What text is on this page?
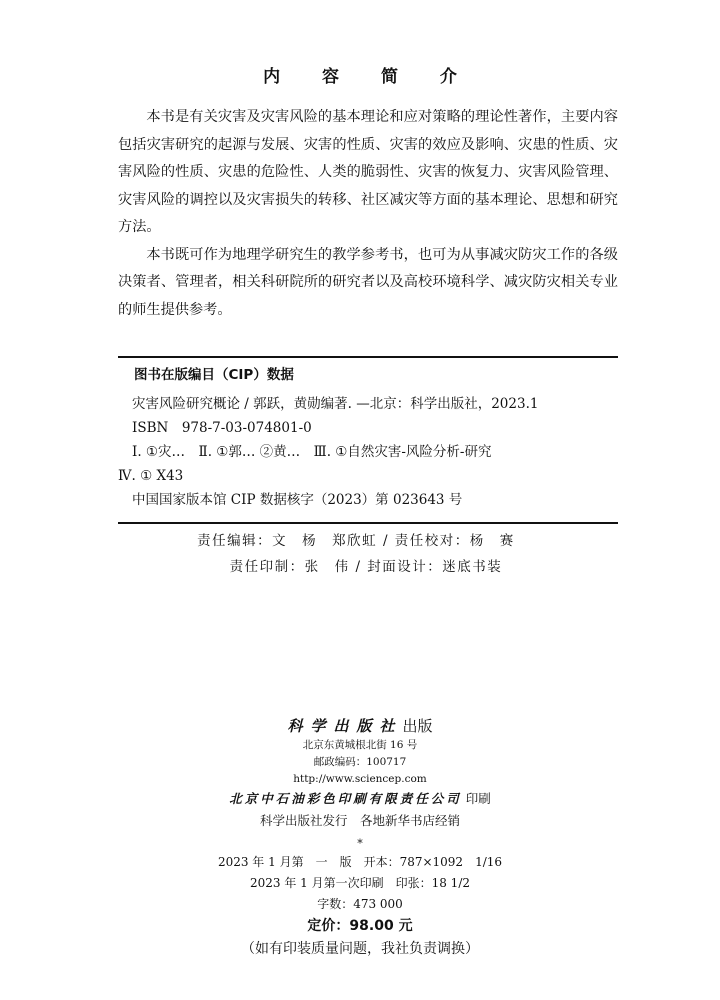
内 容 简 介

本书是有关灾害及灾害风险的基本理论和应对策略的理论性著作，主要内容包括灾害研究的起源与发展、灾害的性质、灾害的效应及影响、灾患的性质、灾害风险的性质、灾患的危险性、人类的脆弱性、灾害的恢复力、灾害风险管理、灾害风险的调控以及灾害损失的转移、社区减灾等方面的基本理论、思想和研究方法。

本书既可作为地理学研究生的教学参考书，也可为从事减灾防灾工作的各级决策者、管理者，相关科研院所的研究者以及高校环境科学、减灾防灾相关专业的师生提供参考。

图书在版编目（CIP）数据
灾害风险研究概论 / 郭跃，黄勋编著. —北京：科学出版社，2023.1
ISBN　978-7-03-074801-0
Ⅰ. ①灾…　Ⅱ. ①郭… ②黄…　Ⅲ. ①自然灾害-风险分析-研究
Ⅳ. ① X43
中国国家版本馆 CIP 数据核字（2023）第 023643 号
责任编辑：文　杨　郑欣虹 / 责任校对：杨　赛
责任印制：张　伟 / 封面设计：迷底书装
科学出版社出版
北京东黄城根北街 16 号
邮政编码：100717
http://www.sciencep.com
北京中石油彩色印刷有限责任公司 印刷
科学出版社发行　各地新华书店经销
*
2023 年 1 月第　一　版　开本：787×1092　1/16
2023 年 1 月第一次印刷　印张：18 1/2
字数：473 000
定价：98.00 元
（如有印装质量问题，我社负责调换）
